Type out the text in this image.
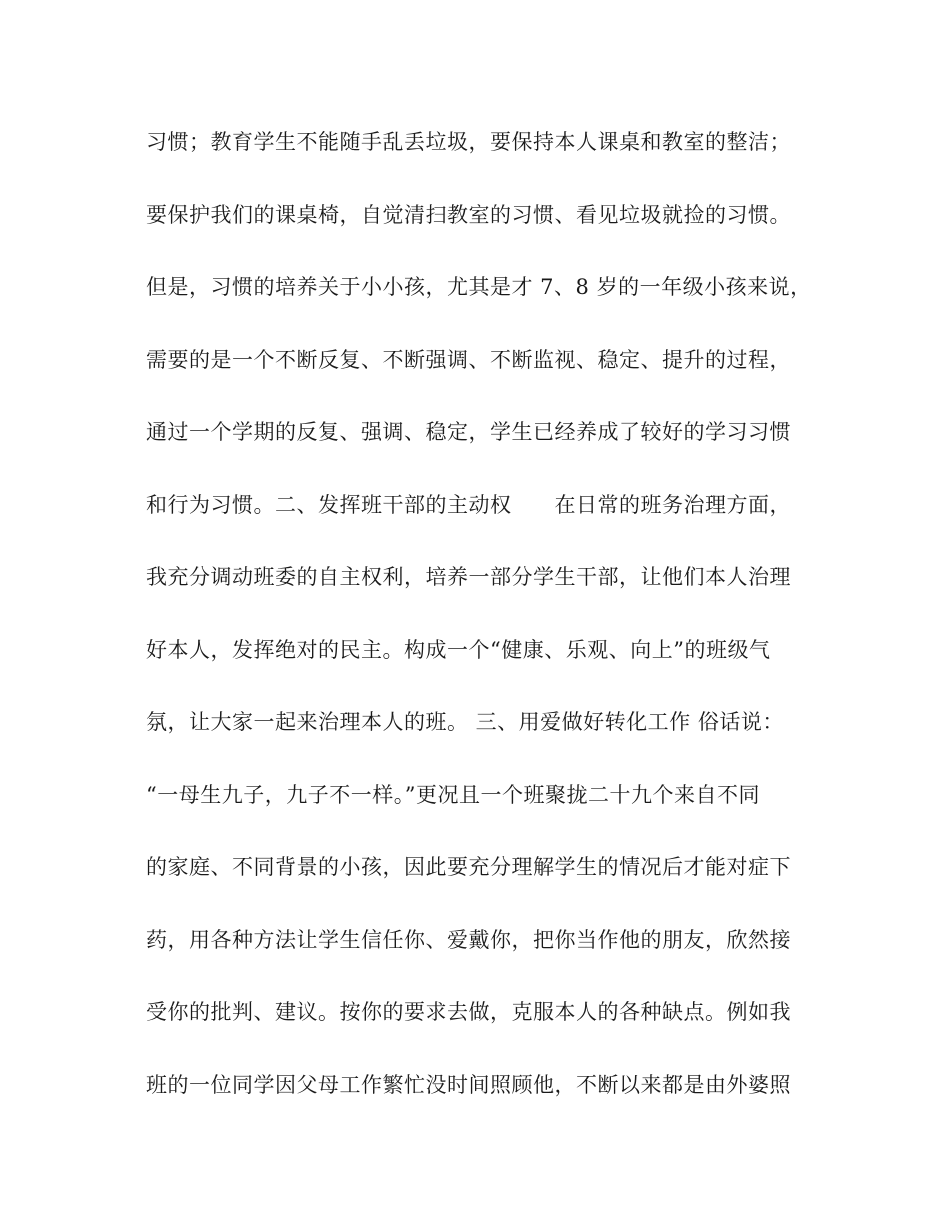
习惯；教育学生不能随手乱丢垃圾，要保持本人课桌和教室的整洁；
要保护我们的课桌椅，自觉清扫教室的习惯、看见垃圾就捡的习惯。
但是，习惯的培养关于小小孩，尤其是才 7、8 岁的一年级小孩来说，
需要的是一个不断反复、不断强调、不断监视、稳定、提升的过程，
通过一个学期的反复、强调、稳定，学生已经养成了较好的学习习惯
和行为习惯。二、发挥班干部的主动权　　在日常的班务治理方面，
我充分调动班委的自主权利，培养一部分学生干部，让他们本人治理
好本人，发挥绝对的民主。构成一个“健康、乐观、向上”的班级气
氛，让大家一起来治理本人的班。 三、用爱做好转化工作 俗话说：
“一母生九子，九子不一样。”更况且一个班聚拢二十九个来自不同
的家庭、不同背景的小孩，因此要充分理解学生的情况后才能对症下
药，用各种方法让学生信任你、爱戴你，把你当作他的朋友，欣然接
受你的批判、建议。按你的要求去做，克服本人的各种缺点。例如我
班的一位同学因父母工作繁忙没时间照顾他，不断以来都是由外婆照
